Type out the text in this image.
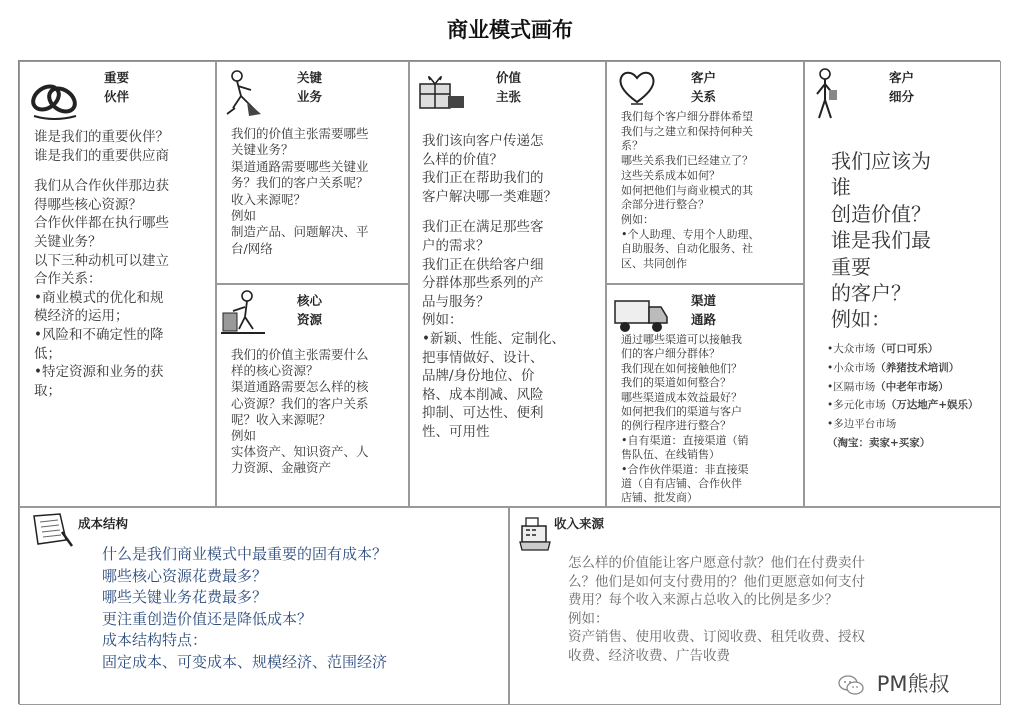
商业模式画布
重要
伙伴

谁是我们的重要伙伴？

谁是我们的重要供应商

我们从合作伙伴那边获

得哪些核心资源？

合作伙伴都在执行哪些

关键业务？

以下三种动机可以建立

合作关系：

•商业模式的优化和规

模经济的运用；

•风险和不确定性的降

低；

•特定资源和业务的获

取；

关键
业务

我们的价值主张需要哪些

关键业务？

渠道通路需要哪些关键业

务？我们的客户关系呢？

收入来源呢？

例如

制造产品、问题解决、平

台/网络

核心
资源

我们的价值主张需要什么

样的核心资源？

渠道通路需要怎么样的核

心资源？我们的客户关系

呢？收入来源呢？

例如

实体资产、知识资产、人

力资源、金融资产

价值
主张

我们该向客户传递怎

么样的价值？

我们正在帮助我们的

客户解决哪一类难题？

我们正在满足那些客

户的需求？

我们正在供给客户细

分群体那些系列的产

品与服务？

例如：

•新颖、性能、定制化、

把事情做好、设计、

品牌/身份地位、价

格、成本削减、风险

抑制、可达性、便利

性、可用性

客户
关系

我们每个客户细分群体希望

我们与之建立和保持何种关

系？

哪些关系我们已经建立了？

这些关系成本如何？

如何把他们与商业模式的其

余部分进行整合？

例如：

•个人助理、专用个人助理、

自助服务、自动化服务、社

区、共同创作

渠道
通路

通过哪些渠道可以接触我

们的客户细分群体？

我们现在如何接触他们？

我们的渠道如何整合？

哪些渠道成本效益最好？

如何把我们的渠道与客户

的例行程序进行整合？

•自有渠道：直接渠道（销

售队伍、在线销售）

•合作伙伴渠道：非直接渠

道（自有店铺、合作伙伴

店铺、批发商）

客户
细分

我们应该为

谁

创造价值？

谁是我们最

重要

的客户？

例如：

•大众市场（可口可乐）

•小众市场（养猪技术培训）

•区隔市场（中老年市场）

•多元化市场（万达地产+娱乐）

•多边平台市场（淘宝：卖家+买家）

成本结构

什么是我们商业模式中最重要的固有成本？

哪些核心资源花费最多？

哪些关键业务花费最多？

更注重创造价值还是降低成本？

成本结构特点：

固定成本、可变成本、规模经济、范围经济

收入来源

怎么样的价值能让客户愿意付款？他们在付费卖什

么？他们是如何支付费用的？他们更愿意如何支付

费用？每个收入来源占总收入的比例是多少？

例如：

资产销售、使用收费、订阅收费、租凭收费、授权

收费、经济收费、广告收费

PM熊叔
